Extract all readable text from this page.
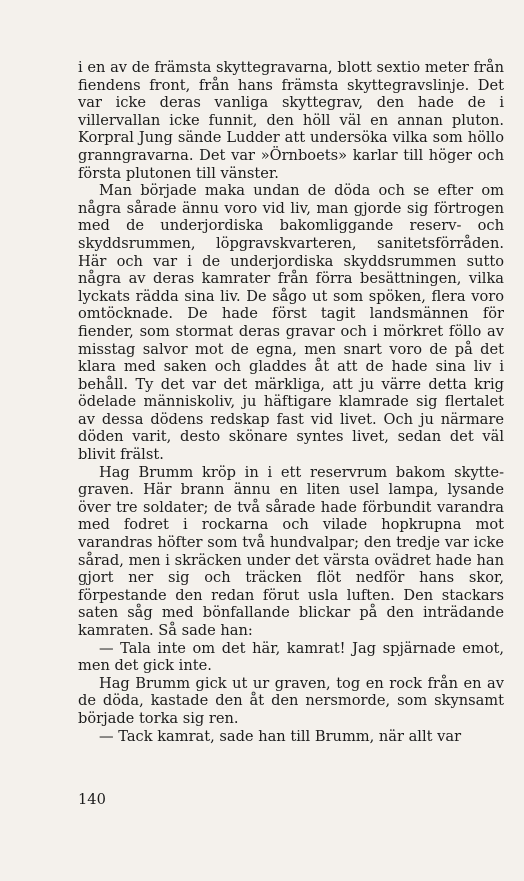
i en av de främsta skyttegravarna, blott sextio meter från fiendens front, från hans främsta skyttegravslinje. Det var icke deras vanliga skyttegrav, den hade de i villervallan icke funnit, den höll väl en annan pluton. Korpral Jung sände Ludder att undersöka vilka som höllo granngravarna. Det var »Örnboets» karlar till höger och första plutonen till vänster.

Man började maka undan de döda och se efter om några sårade ännu voro vid liv, man gjorde sig förtrogen med de underjordiska bakomliggande reserv- och skyddsrummen, löpgravskvarteren, sanitetsförråden. Här och var i de underjordiska skyddsrummen sutto några av deras kamrater från förra besättningen, vilka lyckats rädda sina liv. De sågo ut som spöken, flera voro omtöcknade. De hade först tagit landsmännen för fiender, som stormat deras gravar och i mörkret föllo av misstag salvor mot de egna, men snart voro de på det klara med saken och gladdes åt att de hade sina liv i behåll. Ty det var det märkliga, att ju värre detta krig ödelade människoliv, ju häftigare klamrade sig flertalet av dessa dödens redskap fast vid livet. Och ju närmare döden varit, desto skönare syntes livet, sedan det väl blivit frälst.

Hag Brumm kröp in i ett reservrum bakom skyttegraven. Här brann ännu en liten usel lampa, lysande över tre soldater; de två sårade hade förbundit varandra med fodret i rockarna och vilade hopkrupna mot varandras höfter som två hundvalpar; den tredje var icke sårad, men i skräcken under det värsta ovädret hade han gjort ner sig och träcken flöt nedför hans skor, förpestande den redan förut usla luften. Den stackars saten såg med bönfallande blickar på den inträdande kamraten. Så sade han:

— Tala inte om det här, kamrat! Jag spjärnade emot, men det gick inte.

Hag Brumm gick ut ur graven, tog en rock från en av de döda, kastade den åt den nersmorde, som skynsamt började torka sig ren.

— Tack kamrat, sade han till Brumm, när allt var

140
